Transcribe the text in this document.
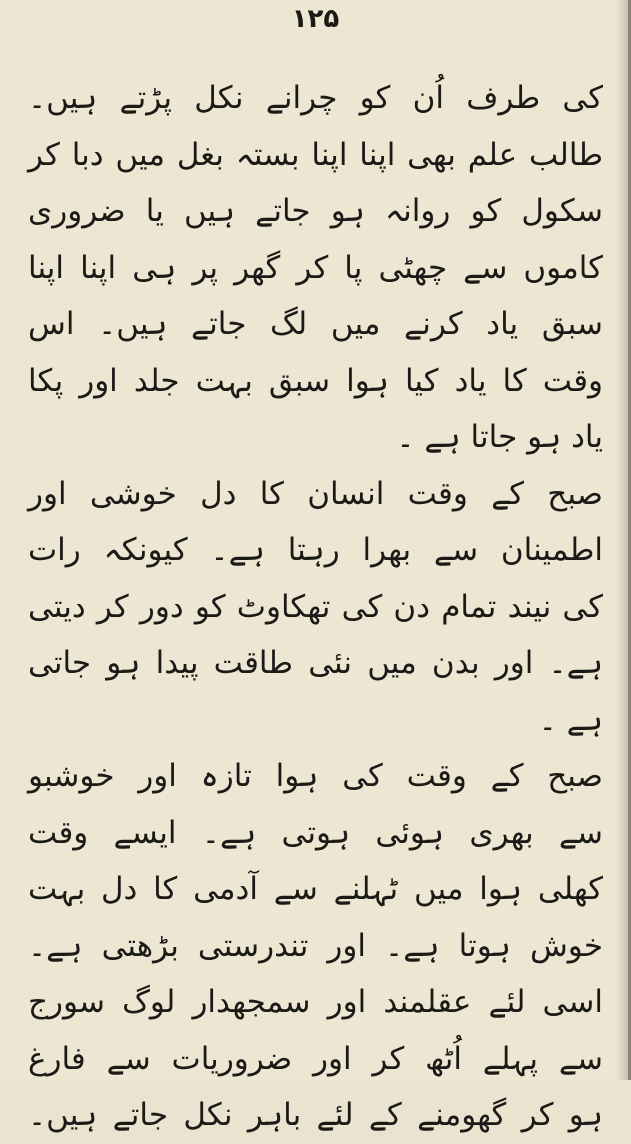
۱۲۵
کی طرف اُن کو چرانے نکل پڑتے ہیں۔
طالب علم بھی اپنا اپنا بستہ بغل میں دبا کر
سکول کو روانہ ہو جاتے ہیں یا ضروری
کاموں سے چھٹی پا کر گھر پر ہی اپنا اپنا
سبق یاد کرنے میں لگ جاتے ہیں۔ اس
وقت کا یاد کیا ہوا سبق بہت جلد اور پکا
یاد ہو جاتا ہے ۔
صبح کے وقت انسان کا دل خوشی اور
اطمینان سے بھرا رہتا ہے۔ کیونکہ رات
کی نیند تمام دن کی تھکاوٹ کو دور کر دیتی
ہے۔ اور بدن میں نئی طاقت پیدا ہو جاتی
ہے ۔
صبح کے وقت کی ہوا تازہ اور خوشبو
سے بھری ہوئی ہوتی ہے۔ ایسے وقت
کھلی ہوا میں ٹہلنے سے آدمی کا دل بہت
خوش ہوتا ہے۔ اور تندرستی بڑھتی ہے۔
اسی لئے عقلمند اور سمجھدار لوگ سورج
سے پہلے اُٹھ کر اور ضروریات سے فارغ
ہو کر گھومنے کے لئے باہر نکل جاتے ہیں۔
